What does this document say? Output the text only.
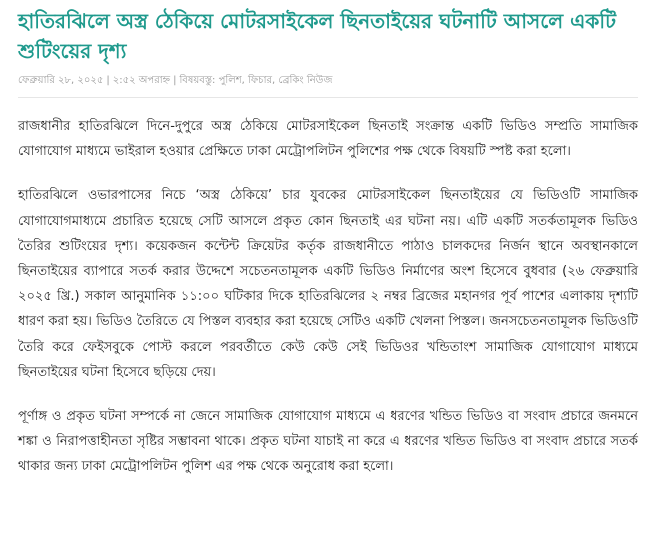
হাতিরঝিলে অস্ত্র ঠেকিয়ে মোটরসাইকেল ছিনতাইয়ের ঘটনাটি আসলে একটি শুটিংয়ের দৃশ্য
ফেব্রুয়ারি ২৮, ২০২৫ | ২:৫২ অপরাহ্ন | বিষয়বস্তু: পুলিশ, ফিচার, ব্রেকিং নিউজ

রাজধানীর হাতিরঝিলে দিনে-দুপুরে অস্ত্র ঠেকিয়ে মোটরসাইকেল ছিনতাই সংক্রান্ত একটি ভিডিও সম্প্রতি সামাজিক যোগাযোগ মাধ্যমে ভাইরাল হওয়ার প্রেক্ষিতে ঢাকা মেট্রোপলিটন পুলিশের পক্ষ থেকে বিষয়টি স্পষ্ট করা হলো।

হাতিরঝিলে ওভারপাসের নিচে ‘অস্ত্র ঠেকিয়ে’ চার যুবকের মোটরসাইকেল ছিনতাইয়ের যে ভিডিওটি সামাজিক যোগাযোগমাধ্যমে প্রচারিত হয়েছে সেটি আসলে প্রকৃত কোন ছিনতাই এর ঘটনা নয়। এটি একটি সতর্কতামূলক ভিডিও তৈরির শুটিংয়ের দৃশ্য। কয়েকজন কন্টেন্ট ক্রিয়েটর কর্তৃক রাজধানীতে পাঠাও চালকদের নির্জন স্থানে অবস্থানকালে ছিনতাইয়ের ব্যাপারে সতর্ক করার উদ্দেশে সচেতনতামূলক একটি ভিডিও নির্মাণের অংশ হিসেবে বুধবার (২৬ ফেব্রুয়ারি ২০২৫ খ্রি.) সকাল আনুমানিক ১১:০০ ঘটিকার দিকে হাতিরঝিলের ২ নম্বর ব্রিজের মহানগর পূর্ব পাশের এলাকায় দৃশ্যটি ধারণ করা হয়। ভিডিও তৈরিতে যে পিস্তল ব্যবহার করা হয়েছে সেটিও একটি খেলনা পিস্তল। জনসচেতনতামূলক ভিডিওটি তৈরি করে ফেইসবুকে পোস্ট করলে পরবর্তীতে কেউ কেউ সেই ভিডিওর খন্ডিতাংশ সামাজিক যোগাযোগ মাধ্যমে ছিনতাইয়ের ঘটনা হিসেবে ছড়িয়ে দেয়।

পূর্ণাঙ্গ ও প্রকৃত ঘটনা সম্পর্কে না জেনে সামাজিক যোগাযোগ মাধ্যমে এ ধরণের খন্ডিত ভিডিও বা সংবাদ প্রচারে জনমনে শঙ্কা ও নিরাপত্তাহীনতা সৃষ্টির সম্ভাবনা থাকে। প্রকৃত ঘটনা যাচাই না করে এ ধরণের খন্ডিত ভিডিও বা সংবাদ প্রচারে সতর্ক থাকার জন্য ঢাকা মেট্রোপলিটন পুলিশ এর পক্ষ থেকে অনুরোধ করা হলো।
